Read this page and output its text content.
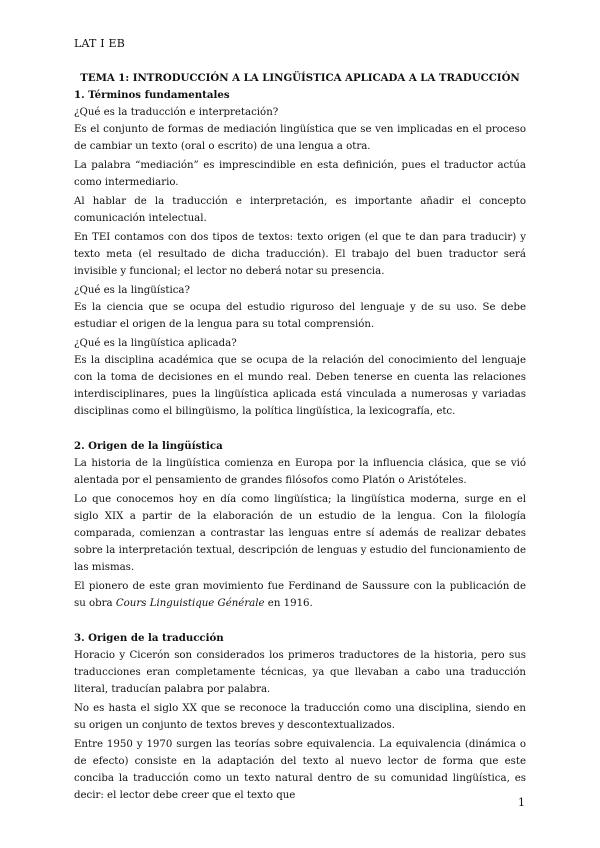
LAT I EB
TEMA 1: INTRODUCCIÓN A LA LINGÜÍSTICA APLICADA A LA TRADUCCIÓN
1. Términos fundamentales

¿Qué es la traducción e interpretación?

Es el conjunto de formas de mediación lingüística que se ven implicadas en el proceso de cambiar un texto (oral o escrito) de una lengua a otra.

La palabra “mediación” es imprescindible en esta definición, pues el traductor actúa como intermediario.

Al hablar de la traducción e interpretación, es importante añadir el concepto comunicación intelectual.

En TEI contamos con dos tipos de textos: texto origen (el que te dan para traducir) y texto meta (el resultado de dicha traducción). El trabajo del buen traductor será invisible y funcional; el lector no deberá notar su presencia.

¿Qué es la lingüística?

Es la ciencia que se ocupa del estudio riguroso del lenguaje y de su uso. Se debe estudiar el origen de la lengua para su total comprensión.

¿Qué es la lingüística aplicada?

Es la disciplina académica que se ocupa de la relación del conocimiento del lenguaje con la toma de decisiones en el mundo real. Deben tenerse en cuenta las relaciones interdisciplinares, pues la lingüística aplicada está vinculada a numerosas y variadas disciplinas como el bilingüismo, la política lingüística, la lexicografía, etc.

2. Origen de la lingüística

La historia de la lingüística comienza en Europa por la influencia clásica, que se vió alentada por el pensamiento de grandes filósofos como Platón o Aristóteles.

Lo que conocemos hoy en día como lingüística; la lingüística moderna, surge en el siglo XIX a partir de la elaboración de un estudio de la lengua. Con la filología comparada, comienzan a contrastar las lenguas entre sí además de realizar debates sobre la interpretación textual, descripción de lenguas y estudio del funcionamiento de las mismas.

El pionero de este gran movimiento fue Ferdinand de Saussure con la publicación de su obra Cours Linguistique Générale en 1916.

3. Origen de la traducción

Horacio y Cicerón son considerados los primeros traductores de la historia, pero sus traducciones eran completamente técnicas, ya que llevaban a cabo una traducción literal, traducían palabra por palabra.

No es hasta el siglo XX que se reconoce la traducción como una disciplina, siendo en su origen un conjunto de textos breves y descontextualizados.

Entre 1950 y 1970 surgen las teorías sobre equivalencia. La equivalencia (dinámica o de efecto) consiste en la adaptación del texto al nuevo lector de forma que este conciba la traducción como un texto natural dentro de su comunidad lingüística, es decir: el lector debe creer que el texto que

1
